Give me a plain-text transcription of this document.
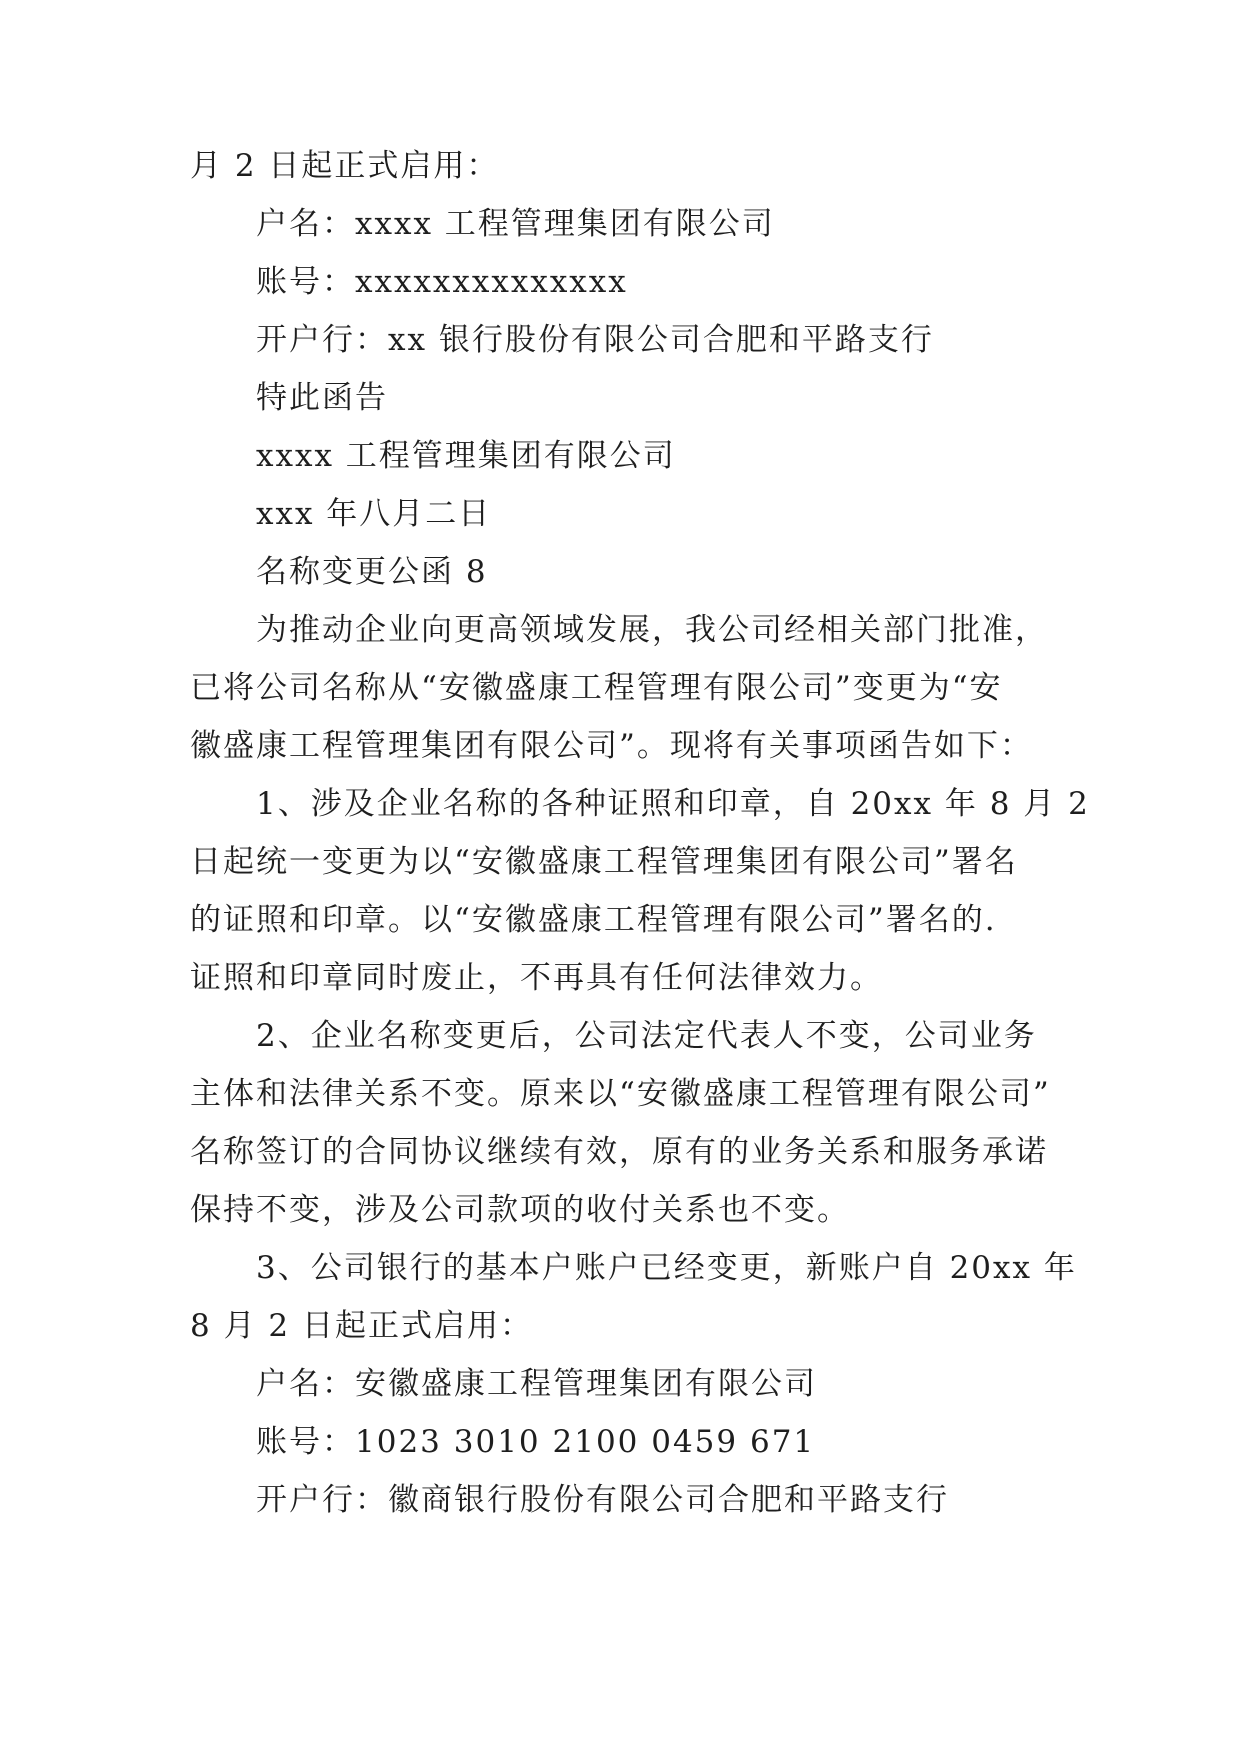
月 2 日起正式启用：
户名：xxxx 工程管理集团有限公司
账号：xxxxxxxxxxxxxx
开户行：xx 银行股份有限公司合肥和平路支行
特此函告
xxxx 工程管理集团有限公司
xxx 年八月二日
名称变更公函 8
为推动企业向更高领域发展，我公司经相关部门批准，
已将公司名称从“安徽盛康工程管理有限公司”变更为“安
徽盛康工程管理集团有限公司”。现将有关事项函告如下：
1、涉及企业名称的各种证照和印章，自 20xx 年 8 月 2
日起统一变更为以“安徽盛康工程管理集团有限公司”署名
的证照和印章。以“安徽盛康工程管理有限公司”署名的.
证照和印章同时废止，不再具有任何法律效力。
2、企业名称变更后，公司法定代表人不变，公司业务
主体和法律关系不变。原来以“安徽盛康工程管理有限公司”
名称签订的合同协议继续有效，原有的业务关系和服务承诺
保持不变，涉及公司款项的收付关系也不变。
3、公司银行的基本户账户已经变更，新账户自 20xx 年
8 月 2 日起正式启用：
户名：安徽盛康工程管理集团有限公司
账号：1023 3010 2100 0459 671
开户行：徽商银行股份有限公司合肥和平路支行
